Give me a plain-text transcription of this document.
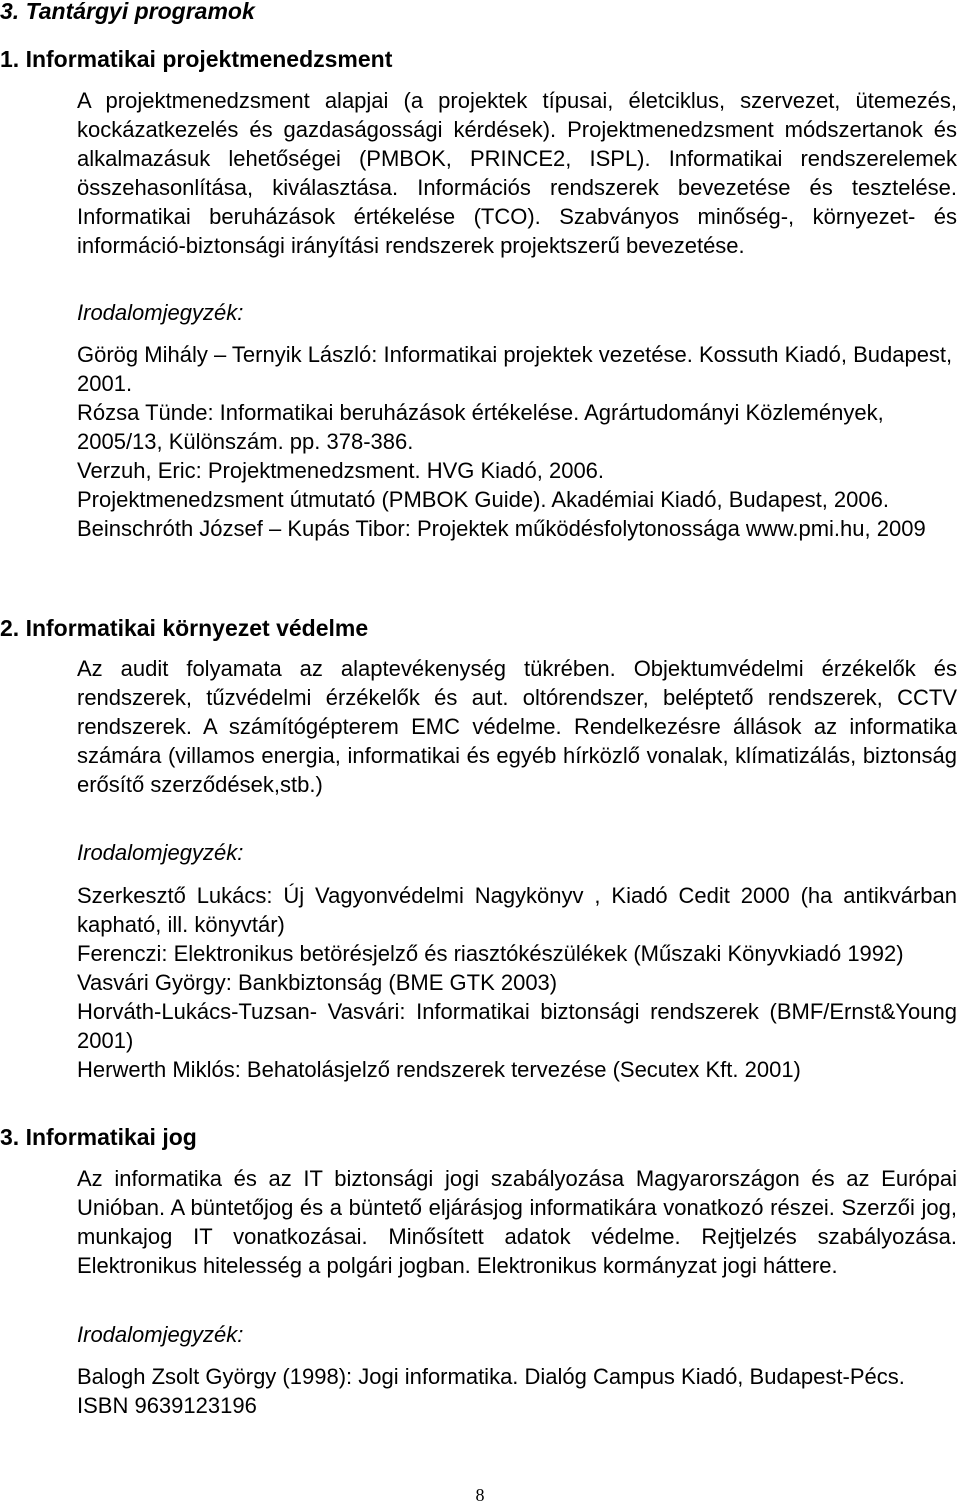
3. Tantárgyi programok
1. Informatikai projektmenedzsment

A projektmenedzsment alapjai (a projektek típusai, életciklus, szervezet, ütemezés, kockázatkezelés és gazdaságossági kérdések). Projektmenedzsment módszertanok és alkalmazásuk lehetőségei (PMBOK, PRINCE2, ISPL). Informatikai rendszerelemek összehasonlítása, kiválasztása. Információs rendszerek bevezetése és tesztelése. Informatikai beruházások értékelése (TCO). Szabványos minőség-, környezet- és információ-biztonsági irányítási rendszerek projektszerű bevezetése.

Irodalomjegyzék:

Görög Mihály – Ternyik László: Informatikai projektek vezetése. Kossuth Kiadó, Budapest, 2001.
Rózsa Tünde: Informatikai beruházások értékelése. Agrártudományi Közlemények, 2005/13, Különszám. pp. 378-386.
Verzuh, Eric: Projektmenedzsment. HVG Kiadó, 2006.
Projektmenedzsment útmutató (PMBOK Guide). Akadémiai Kiadó, Budapest, 2006.
Beinschróth József – Kupás Tibor: Projektek működésfolytonossága www.pmi.hu, 2009
2. Informatikai környezet védelme

Az audit folyamata az alaptevékenység tükrében. Objektumvédelmi érzékelők és rendszerek, tűzvédelmi érzékelők és aut. oltórendszer, beléptető rendszerek, CCTV rendszerek. A számítógépterem EMC védelme. Rendelkezésre állások az informatika számára (villamos energia, informatikai és egyéb hírközlő vonalak, klímatizálás, biztonság erősítő szerződések,stb.)

Irodalomjegyzék:

Szerkesztő Lukács: Új Vagyonvédelmi Nagykönyv , Kiadó Cedit 2000 (ha antikvárban kapható, ill. könyvtár)
Ferenczi: Elektronikus betörésjelző és riasztókészülékek (Műszaki Könyvkiadó 1992)
Vasvári György: Bankbiztonság (BME GTK 2003)
Horváth-Lukács-Tuzsan- Vasvári: Informatikai biztonsági rendszerek (BMF/Ernst&Young 2001)
Herwerth Miklós: Behatolásjelző rendszerek tervezése (Secutex Kft. 2001)
3. Informatikai jog

Az informatika és az IT biztonsági jogi szabályozása Magyarországon és az Európai Unióban. A büntetőjog és a büntető eljárásjog informatikára vonatkozó részei. Szerzői jog, munkajog IT vonatkozásai. Minősített adatok védelme. Rejtjelzés szabályozása. Elektronikus hitelesség a polgári jogban. Elektronikus kormányzat jogi háttere.

Irodalomjegyzék:

Balogh Zsolt György (1998): Jogi informatika. Dialóg Campus Kiadó, Budapest-Pécs. ISBN 9639123196
8
